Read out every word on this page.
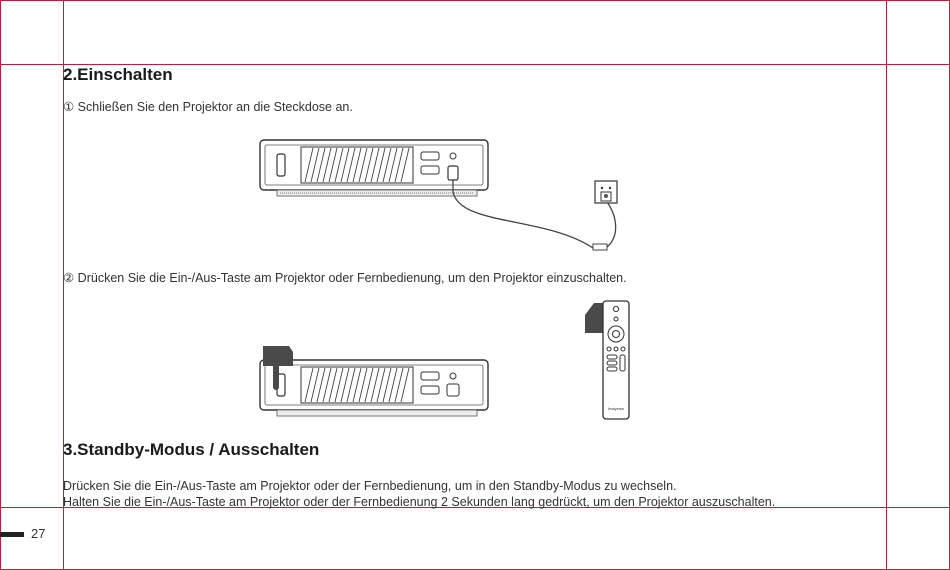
2.Einschalten
① Schließen Sie den Projektor an die Steckdose an.
② Drücken Sie die Ein-/Aus-Taste am Projektor oder Fernbedienung, um den Projektor einzuschalten.
Imayeaw
3.Standby-Modus / Ausschalten
Drücken Sie die Ein-/Aus-Taste am Projektor oder der Fernbedienung, um in den Standby-Modus zu wechseln.
Halten Sie die Ein-/Aus-Taste am Projektor oder der Fernbedienung 2 Sekunden lang gedrückt, um den Projektor auszuschalten.
27
